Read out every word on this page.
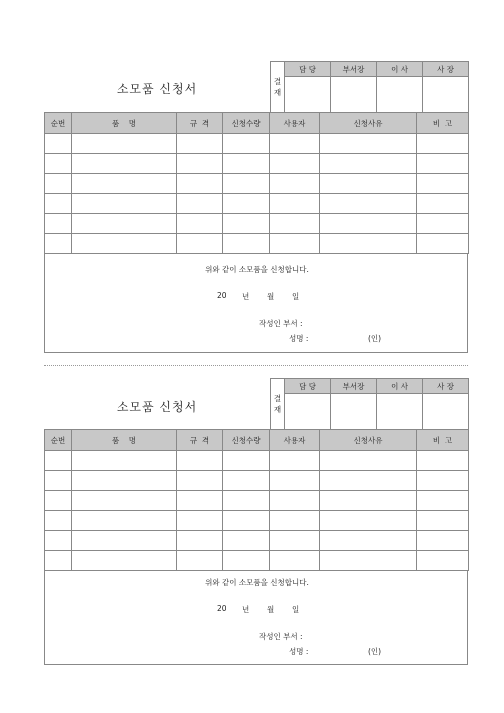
소모품 신청서
결
재	담 당	부서장	이 사	사 장

순번	품    명	규  격	신청수량	사용자	신청사유	비  고

위와 같이 소모품을 신청합니다.
20 년 월 일
작성인 부서 :
성명 :	(인)
소모품 신청서
결
재	담 당	부서장	이 사	사 장

순번	품    명	규  격	신청수량	사용자	신청사유	비  고

위와 같이 소모품을 신청합니다.
20 년 월 일
작성인 부서 :
성명 :	(인)
